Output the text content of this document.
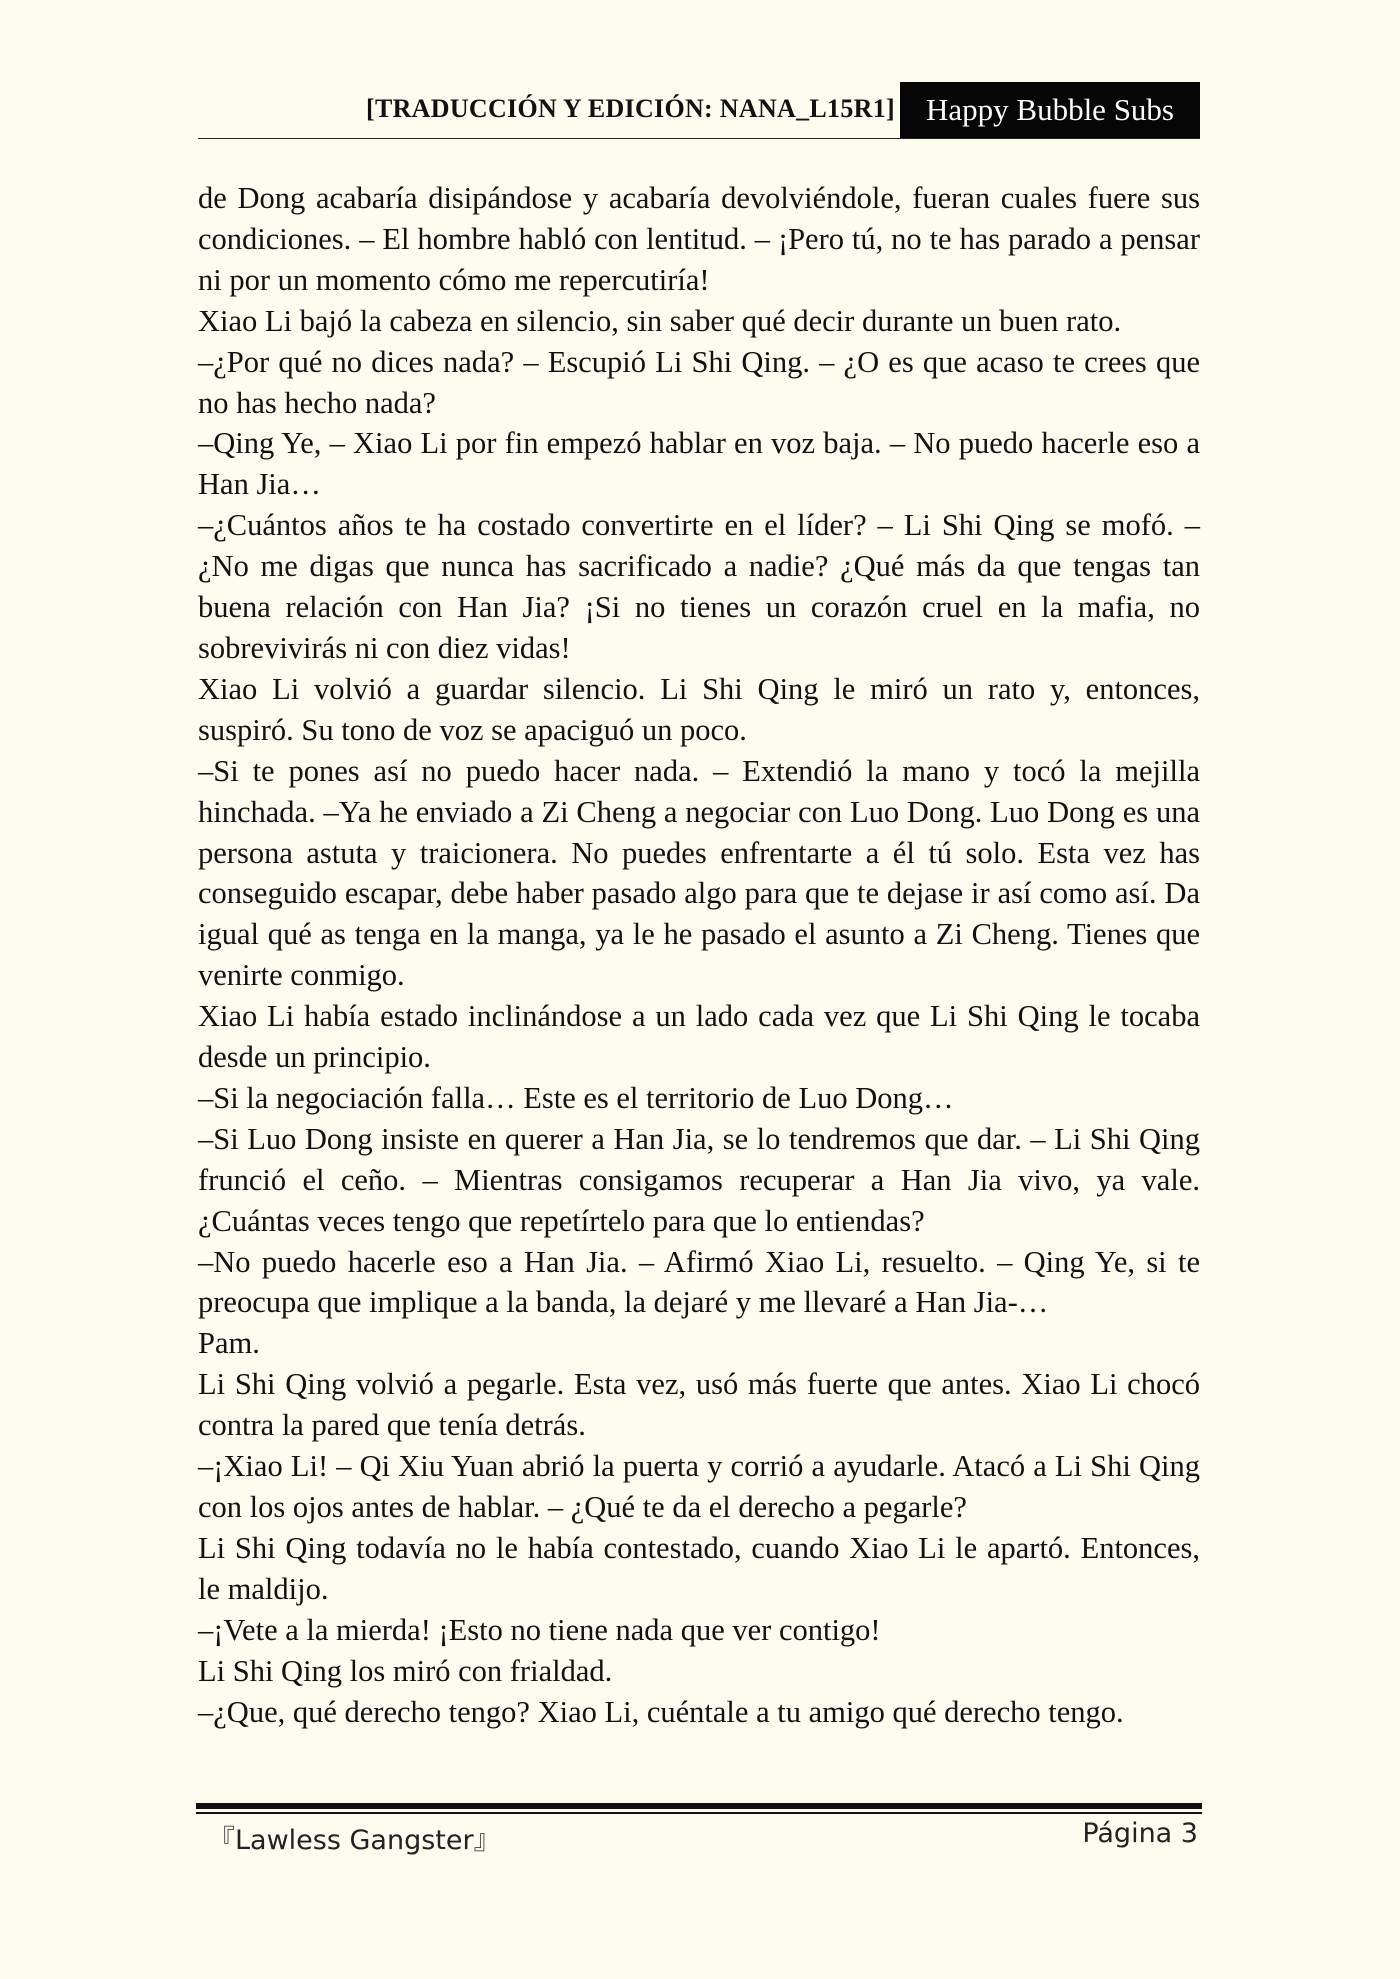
[TRADUCCIÓN Y EDICIÓN: NANA_L15R1]	Happy Bubble Subs

de Dong acabaría disipándose y acabaría devolviéndole, fueran cuales fuere sus condiciones. – El hombre habló con lentitud. – ¡Pero tú, no te has parado a pensar ni por un momento cómo me repercutiría!

Xiao Li bajó la cabeza en silencio, sin saber qué decir durante un buen rato.

–¿Por qué no dices nada? – Escupió Li Shi Qing. – ¿O es que acaso te crees que no has hecho nada?

–Qing Ye, – Xiao Li por fin empezó hablar en voz baja. – No puedo hacerle eso a Han Jia…

–¿Cuántos años te ha costado convertirte en el líder? – Li Shi Qing se mofó. – ¿No me digas que nunca has sacrificado a nadie? ¿Qué más da que tengas tan buena relación con Han Jia? ¡Si no tienes un corazón cruel en la mafia, no sobrevivirás ni con diez vidas!

Xiao Li volvió a guardar silencio. Li Shi Qing le miró un rato y, entonces, suspiró. Su tono de voz se apaciguó un poco.

–Si te pones así no puedo hacer nada. – Extendió la mano y tocó la mejilla hinchada. –Ya he enviado a Zi Cheng a negociar con Luo Dong. Luo Dong es una persona astuta y traicionera. No puedes enfrentarte a él tú solo. Esta vez has conseguido escapar, debe haber pasado algo para que te dejase ir así como así. Da igual qué as tenga en la manga, ya le he pasado el asunto a Zi Cheng. Tienes que venirte conmigo.

Xiao Li había estado inclinándose a un lado cada vez que Li Shi Qing le tocaba desde un principio.

–Si la negociación falla… Este es el territorio de Luo Dong…

–Si Luo Dong insiste en querer a Han Jia, se lo tendremos que dar. – Li Shi Qing frunció el ceño. – Mientras consigamos recuperar a Han Jia vivo, ya vale. ¿Cuántas veces tengo que repetírtelo para que lo entiendas?

–No puedo hacerle eso a Han Jia. – Afirmó Xiao Li, resuelto. – Qing Ye, si te preocupa que implique a la banda, la dejaré y me llevaré a Han Jia-…

Pam.

Li Shi Qing volvió a pegarle. Esta vez, usó más fuerte que antes. Xiao Li chocó contra la pared que tenía detrás.

–¡Xiao Li! – Qi Xiu Yuan abrió la puerta y corrió a ayudarle. Atacó a Li Shi Qing con los ojos antes de hablar. – ¿Qué te da el derecho a pegarle?

Li Shi Qing todavía no le había contestado, cuando Xiao Li le apartó. Entonces, le maldijo.

–¡Vete a la mierda! ¡Esto no tiene nada que ver contigo!

Li Shi Qing los miró con frialdad.

–¿Que, qué derecho tengo? Xiao Li, cuéntale a tu amigo qué derecho tengo.

『Lawless Gangster』	Página 3
